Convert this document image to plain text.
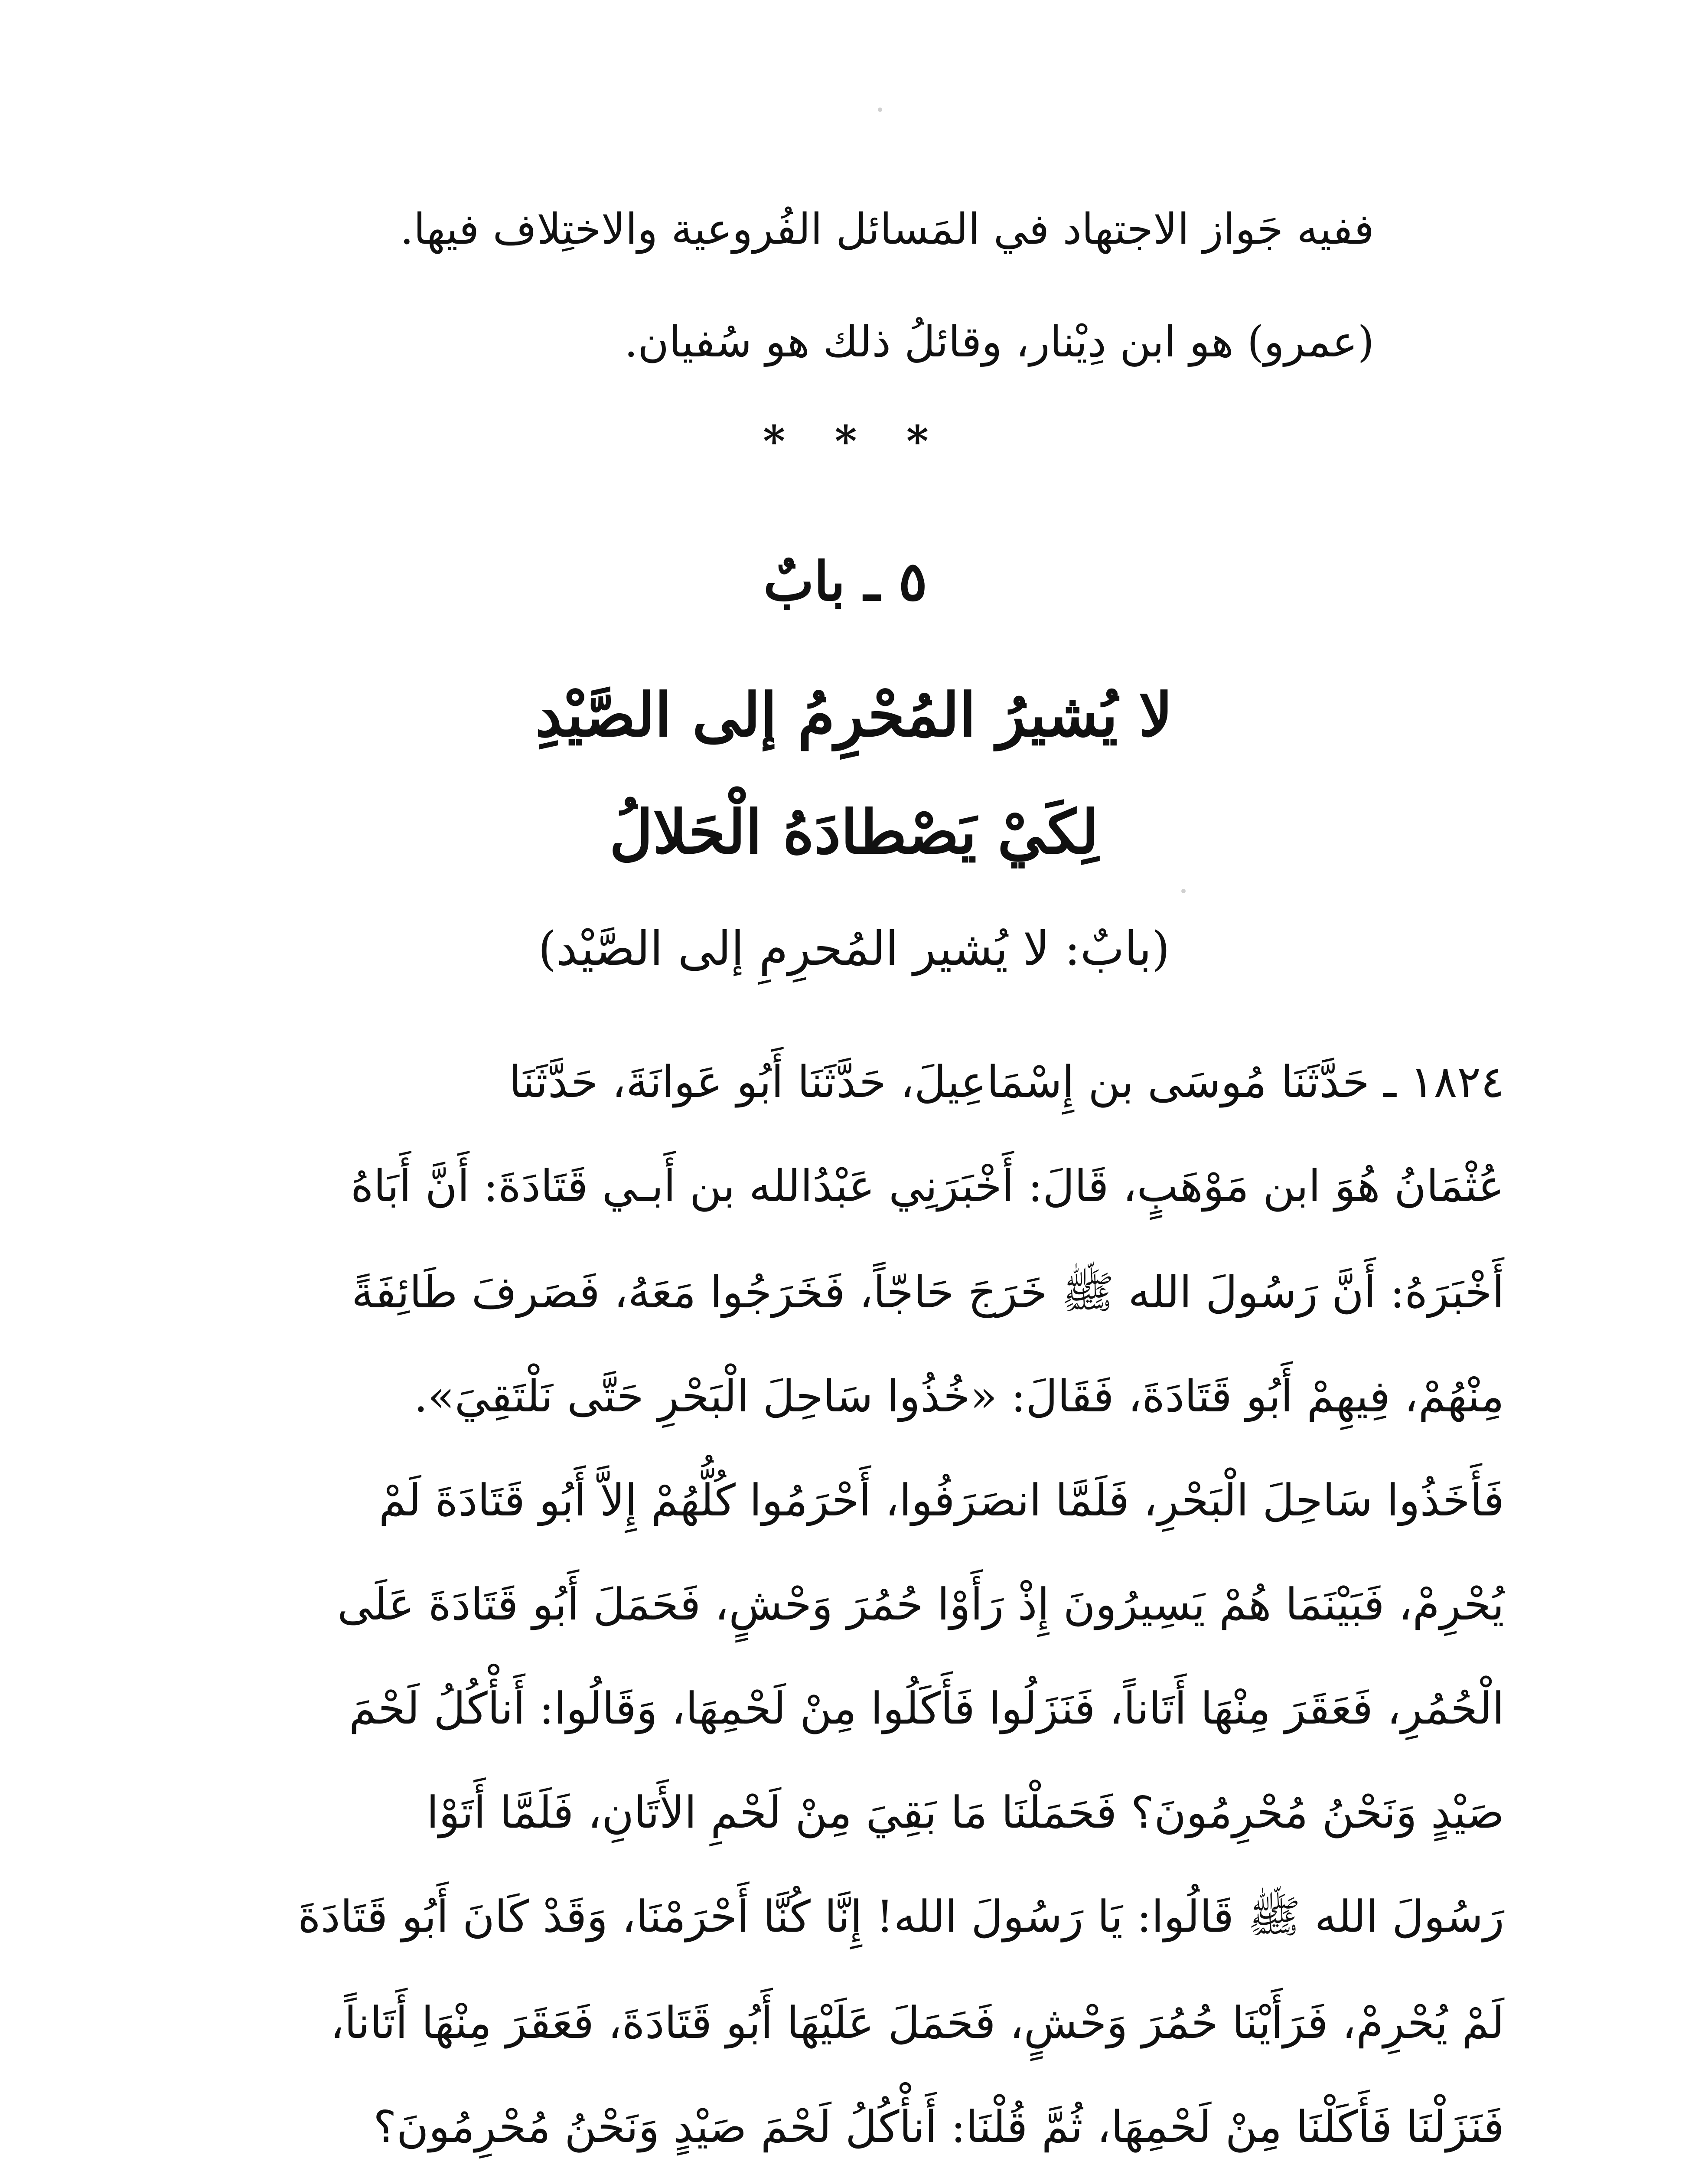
ففيه جَواز الاجتهاد في المَسائل الفُروعية والاختِلاف فيها.
(عمرو) هو ابن دِيْنار، وقائلُ ذلك هو سُفيان.
* * *
٥ ـ بابٌ
لا يُشيرُ المُحْرِمُ إلى الصَّيْدِ
لِكَيْ يَصْطادَهُ الْحَلالُ
(بابٌ: لا يُشير المُحرِمِ إلى الصَّيْد)
١٨٢٤ ـ حَدَّثَنَا مُوسَى بن إِسْمَاعِيلَ، حَدَّثَنَا أَبُو عَوانَةَ، حَدَّثَنَا
عُثْمَانُ هُوَ ابن مَوْهَبٍ، قَالَ: أَخْبَرَنِي عَبْدُالله بن أَبـي قَتَادَةَ: أَنَّ أَبَاهُ
أَخْبَرَهُ: أَنَّ رَسُولَ الله ﷺ خَرَجَ حَاجّاً، فَخَرَجُوا مَعَهُ، فَصَرفَ طَائِفَةً
مِنْهُمْ، فِيهِمْ أَبُو قَتَادَةَ، فَقَالَ: «خُذُوا سَاحِلَ الْبَحْرِ حَتَّى نَلْتَقِيَ».
فَأَخَذُوا سَاحِلَ الْبَحْرِ، فَلَمَّا انصَرَفُوا، أَحْرَمُوا كُلُّهُمْ إِلاَّ أَبُو قَتَادَةَ لَمْ
يُحْرِمْ، فَبَيْنَمَا هُمْ يَسِيرُونَ إِذْ رَأَوْا حُمُرَ وَحْشٍ، فَحَمَلَ أَبُو قَتَادَةَ عَلَى
الْحُمُرِ، فَعَقَرَ مِنْهَا أَتَاناً، فَنَزَلُوا فَأَكَلُوا مِنْ لَحْمِهَا، وَقَالُوا: أَنأْكُلُ لَحْمَ
صَيْدٍ وَنَحْنُ مُحْرِمُونَ؟ فَحَمَلْنَا مَا بَقِيَ مِنْ لَحْمِ الأَتَانِ، فَلَمَّا أَتَوْا
رَسُولَ الله ﷺ قَالُوا: يَا رَسُولَ الله! إِنَّا كُنَّا أَحْرَمْنَا، وَقَدْ كَانَ أَبُو قَتَادَةَ
لَمْ يُحْرِمْ، فَرَأَيْنَا حُمُرَ وَحْشٍ، فَحَمَلَ عَلَيْهَا أَبُو قَتَادَةَ، فَعَقَرَ مِنْهَا أَتَاناً،
فَنَزَلْنَا فَأَكَلْنَا مِنْ لَحْمِهَا، ثُمَّ قُلْنَا: أَنأْكُلُ لَحْمَ صَيْدٍ وَنَحْنُ مُحْرِمُونَ؟
